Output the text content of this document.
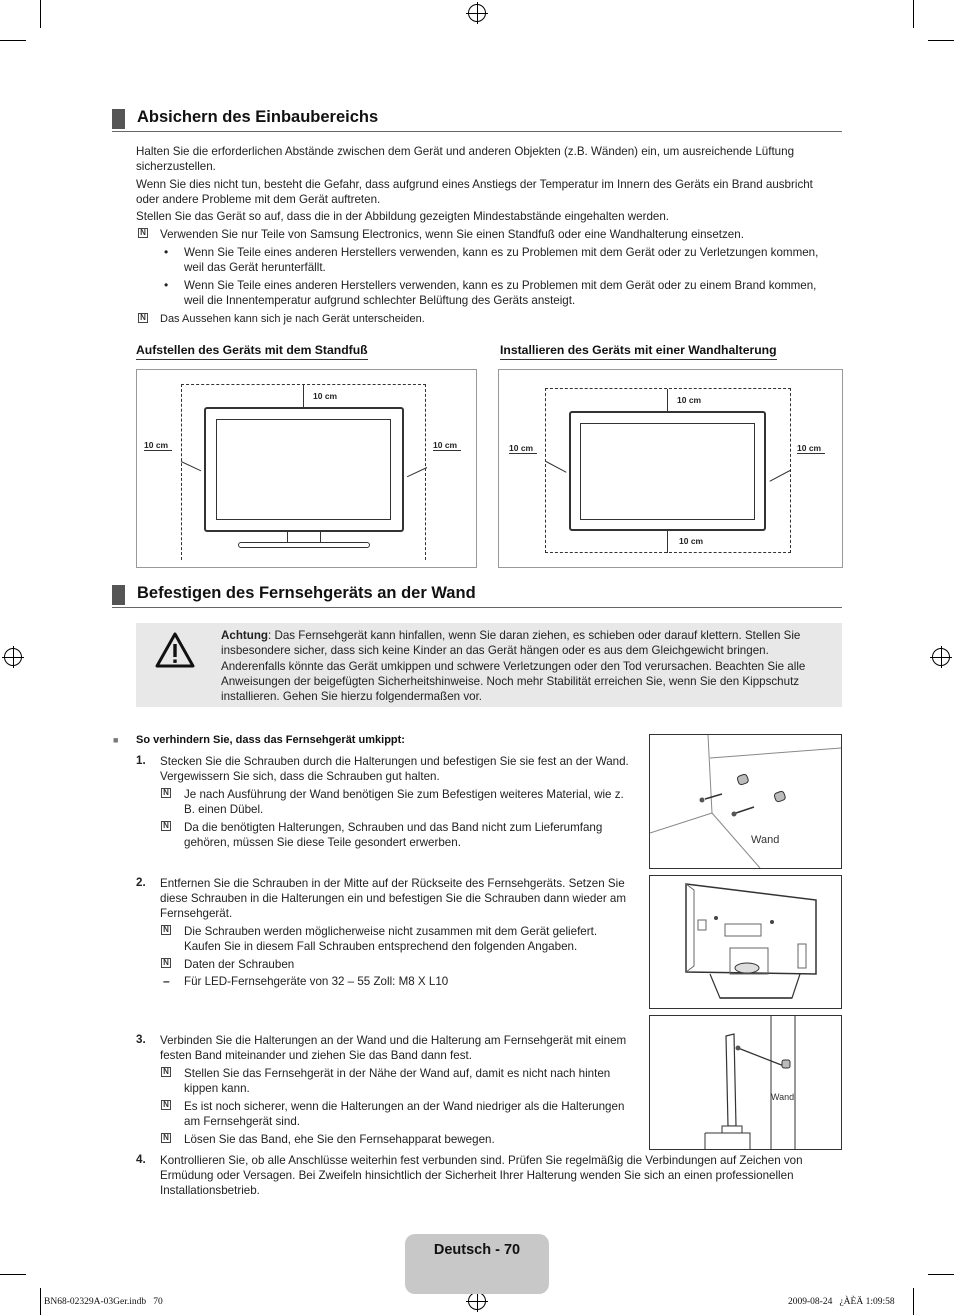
Absichern des Einbaubereichs
Halten Sie die erforderlichen Abstände zwischen dem Gerät und anderen Objekten (z.B. Wänden) ein, um ausreichende Lüftung sicherzustellen.
Wenn Sie dies nicht tun, besteht die Gefahr, dass aufgrund eines Anstiegs der Temperatur im Innern des Geräts ein Brand ausbricht oder andere Probleme mit dem Gerät auftreten.
Stellen Sie das Gerät so auf, dass die in der Abbildung gezeigten Mindestabstände eingehalten werden.
N Verwenden Sie nur Teile von Samsung Electronics, wenn Sie einen Standfuß oder eine Wandhalterung einsetzen.
• Wenn Sie Teile eines anderen Herstellers verwenden, kann es zu Problemen mit dem Gerät oder zu Verletzungen kommen, weil das Gerät herunterfällt.
• Wenn Sie Teile eines anderen Herstellers verwenden, kann es zu Problemen mit dem Gerät oder zu einem Brand kommen, weil die Innentemperatur aufgrund schlechter Belüftung des Geräts ansteigt.
N Das Aussehen kann sich je nach Gerät unterscheiden.
Aufstellen des Geräts mit dem Standfuß	Installieren des Geräts mit einer Wandhalterung
10 cm
10 cm	10 cm
10 cm
10 cm
10 cm	10 cm
Befestigen des Fernsehgeräts an der Wand
Achtung: Das Fernsehgerät kann hinfallen, wenn Sie daran ziehen, es schieben oder darauf klettern. Stellen Sie insbesondere sicher, dass sich keine Kinder an das Gerät hängen oder es aus dem Gleichgewicht bringen. Anderenfalls könnte das Gerät umkippen und schwere Verletzungen oder den Tod verursachen. Beachten Sie alle Anweisungen der beigefügten Sicherheitshinweise. Noch mehr Stabilität erreichen Sie, wenn Sie den Kippschutz installieren. Gehen Sie hierzu folgendermaßen vor.
■ So verhindern Sie, dass das Fernsehgerät umkippt:
1. Stecken Sie die Schrauben durch die Halterungen und befestigen Sie sie fest an der Wand. Vergewissern Sie sich, dass die Schrauben gut halten.
N Je nach Ausführung der Wand benötigen Sie zum Befestigen weiteres Material, wie z. B. einen Dübel.
N Da die benötigten Halterungen, Schrauben und das Band nicht zum Lieferumfang gehören, müssen Sie diese Teile gesondert erwerben.
2. Entfernen Sie die Schrauben in der Mitte auf der Rückseite des Fernsehgeräts. Setzen Sie diese Schrauben in die Halterungen ein und befestigen Sie die Schrauben dann wieder am Fernsehgerät.
N Die Schrauben werden möglicherweise nicht zusammen mit dem Gerät geliefert. Kaufen Sie in diesem Fall Schrauben entsprechend den folgenden Angaben.
N Daten der Schrauben
– Für LED-Fernsehgeräte von 32 – 55 Zoll: M8 X L10
3. Verbinden Sie die Halterungen an der Wand und die Halterung am Fernsehgerät mit einem festen Band miteinander und ziehen Sie das Band dann fest.
N Stellen Sie das Fernsehgerät in der Nähe der Wand auf, damit es nicht nach hinten kippen kann.
N Es ist noch sicherer, wenn die Halterungen an der Wand niedriger als die Halterungen am Fernsehgerät sind.
N Lösen Sie das Band, ehe Sie den Fernsehapparat bewegen.
4. Kontrollieren Sie, ob alle Anschlüsse weiterhin fest verbunden sind. Prüfen Sie regelmäßig die Verbindungen auf Zeichen von Ermüdung oder Versagen. Bei Zweifeln hinsichtlich der Sicherheit Ihrer Halterung wenden Sie sich an einen professionellen Installationsbetrieb.
Wand
Wand
Deutsch - 70
BN68-02329A-03Ger.indb   70	2009-08-24   ¿ÀÈÄ 1:09:58
